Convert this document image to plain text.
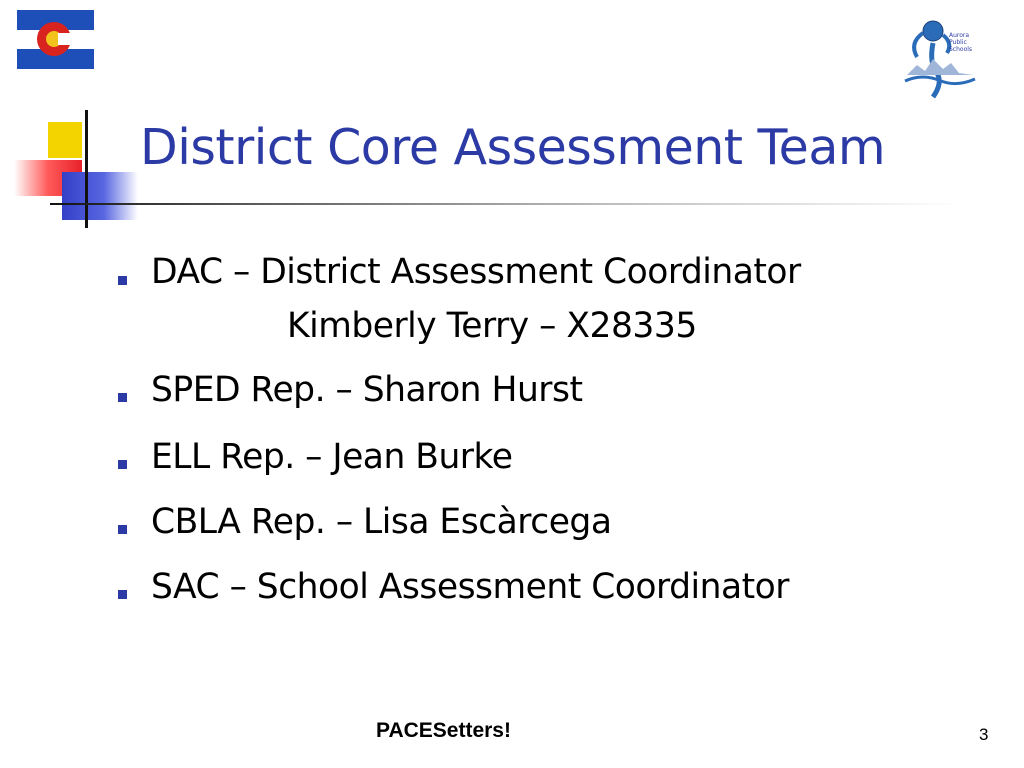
Aurora
Public
Schools
District Core Assessment Team
DAC – District Assessment Coordinator
Kimberly Terry – X28335
SPED Rep. – Sharon Hurst
ELL Rep. – Jean Burke
CBLA Rep. – Lisa Escàrcega
SAC – School Assessment Coordinator
PACESetters!	3
